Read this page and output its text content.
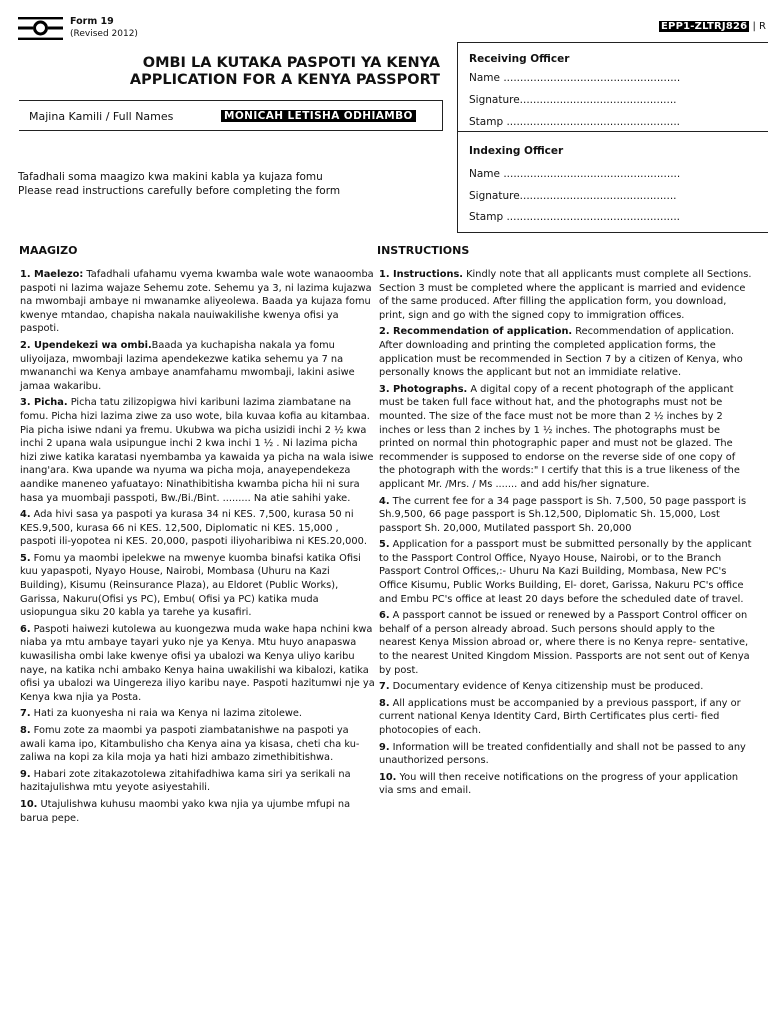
Form 19
(Revised 2012)
EPP1-ZLTRJ826 | R
OMBI LA KUTAKA PASPOTI YA KENYA
APPLICATION FOR A KENYA PASSPORT
Majina Kamili / Full Names	MONICAH LETISHA ODHIAMBO
Receiving Officer
Name .....................................................
Signature...............................................
Stamp ....................................................
Indexing Officer
Name .....................................................
Signature...............................................
Stamp ....................................................
Tafadhali soma maagizo kwa makini kabla ya kujaza fomu
Please read instructions carefully before completing the form
MAAGIZO	INSTRUCTIONS

1. Maelezo: Tafadhali ufahamu vyema kwamba wale wote wanaoomba paspoti ni lazima wajaze Sehemu zote. Sehemu ya 3, ni lazima kujazwa na mwombaji ambaye ni mwanamke aliyeolewa. Baada ya kujaza fomu kwenye mtandao, chapisha nakala nauiwakilishe kwenya ofisi ya paspoti.

2. Upendekezi wa ombi.Baada ya kuchapisha nakala ya fomu uliyoijaza, mwombaji lazima apendekezwe katika sehemu ya 7 na mwananchi wa Kenya ambaye anamfahamu mwombaji, lakini asiwe jamaa wakaribu.

3. Picha. Picha tatu zilizopigwa hivi karibuni lazima ziambatane na fomu. Picha hizi lazima ziwe za uso wote, bila kuvaa kofia au kitambaa. Pia picha isiwe ndani ya fremu. Ukubwa wa picha usizidi inchi 2 ½ kwa inchi 2 upana wala usipungue inchi 2 kwa inchi 1 ½ . Ni lazima picha hizi ziwe katika karatasi nyembamba ya kawaida ya picha na wala isiwe inang'ara. Kwa upande wa nyuma wa picha moja, anayependekeza aandike maneneo yafuatayo: Ninathibitisha kwamba picha hii ni sura hasa ya muombaji passpoti, Bw./Bi./Bint. ......... Na atie sahihi yake.

4. Ada hivi sasa ya paspoti ya kurasa 34 ni KES. 7,500, kurasa 50 ni KES.9,500, kurasa 66 ni KES. 12,500, Diplomatic ni KES. 15,000 , paspoti ili-yopotea ni KES. 20,000, paspoti iliyoharibiwa ni KES.20,000.

5. Fomu ya maombi ipelekwe na mwenye kuomba binafsi katika Ofisi kuu yapaspoti, Nyayo House, Nairobi, Mombasa (Uhuru na Kazi Building), Kisumu (Reinsurance Plaza), au Eldoret (Public Works), Garissa, Nakuru(Ofisi ys PC), Embu( Ofisi ya PC) katika muda usiopungua siku 20 kabla ya tarehe ya kusafiri.

6. Paspoti haiwezi kutolewa au kuongezwa muda wake hapa nchini kwa niaba ya mtu ambaye tayari yuko nje ya Kenya. Mtu huyo anapaswa kuwasilisha ombi lake kwenye ofisi ya ubalozi wa Kenya uliyo karibu naye, na katika nchi ambako Kenya haina uwakilishi wa kibalozi, katika ofisi ya ubalozi wa Uingereza iliyo karibu naye. Paspoti hazitumwi nje ya Kenya kwa njia ya Posta.

7. Hati za kuonyesha ni raia wa Kenya ni lazima zitolewe.

8. Fomu zote za maombi ya paspoti ziambatanishwe na paspoti ya awali kama ipo, Kitambulisho cha Kenya aina ya kisasa, cheti cha ku- zaliwa na kopi za kila moja ya hati hizi ambazo zimethibitishwa.

9. Habari zote zitakazotolewa zitahifadhiwa kama siri ya serikali na hazitajulishwa mtu yeyote asiyestahili.

10. Utajulishwa kuhusu maombi yako kwa njia ya ujumbe mfupi na barua pepe.

1. Instructions. Kindly note that all applicants must complete all Sections. Section 3 must be completed where the applicant is married and evidence of the same produced. After filling the application form, you download, print, sign and go with the signed copy to immigration offices.

2. Recommendation of application. Recommendation of application. After downloading and printing the completed application forms, the application must be recommended in Section 7 by a citizen of Kenya, who personally knows the applicant but not an immidiate relative.

3. Photographs. A digital copy of a recent photograph of the applicant must be taken full face without hat, and the photographs must not be mounted. The size of the face must not be more than 2 ½ inches by 2 inches or less than 2 inches by 1 ½ inches. The photographs must be printed on normal thin photographic paper and must not be glazed. The recommender is supposed to endorse on the reverse side of one copy of the photograph with the words:" I certify that this is a true likeness of the applicant Mr. /Mrs. / Ms ....... and add his/her signature.

4. The current fee for a 34 page passport is Sh. 7,500, 50 page passport is Sh.9,500, 66 page passport is Sh.12,500, Diplomatic Sh. 15,000, Lost passport Sh. 20,000, Mutilated passport Sh. 20,000

5. Application for a passport must be submitted personally by the applicant to the Passport Control Office, Nyayo House, Nairobi, or to the Branch Passport Control Offices,:- Uhuru Na Kazi Building, Mombasa, New PC's Office Kisumu, Public Works Building, El- doret, Garissa, Nakuru PC's office and Embu PC's office at least 20 days before the scheduled date of travel.

6. A passport cannot be issued or renewed by a Passport Control officer on behalf of a person already abroad. Such persons should apply to the nearest Kenya Mission abroad or, where there is no Kenya repre- sentative, to the nearest United Kingdom Mission. Passports are not sent out of Kenya by post.

7. Documentary evidence of Kenya citizenship must be produced.

8. All applications must be accompanied by a previous passport, if any or current national Kenya Identity Card, Birth Certificates plus certi- fied photocopies of each.

9. Information will be treated confidentially and shall not be passed to any unauthorized persons.

10. You will then receive notifications on the progress of your application via sms and email.
